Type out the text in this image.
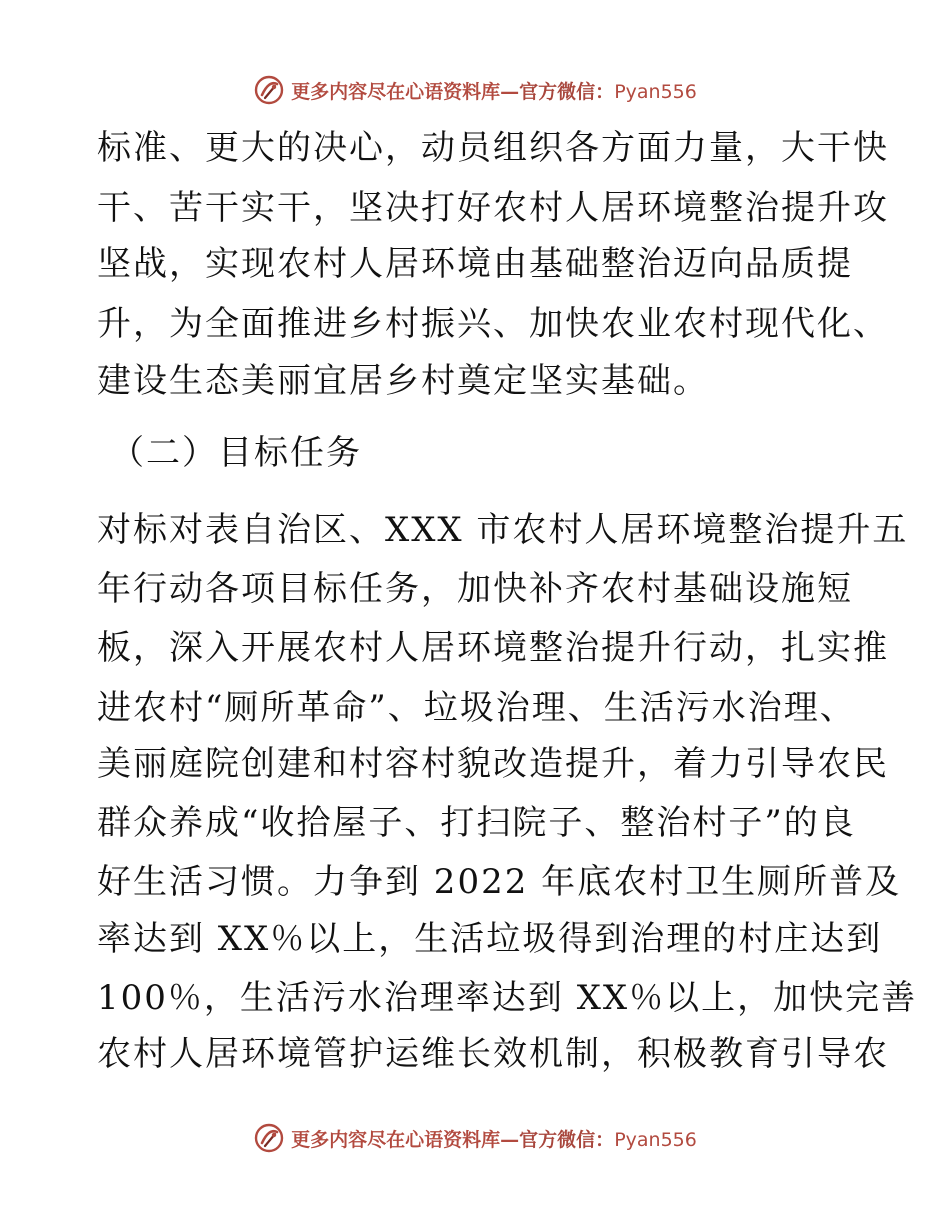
更多内容尽在心语资料库—官方微信：Pyan556
标准、更大的决心，动员组织各方面力量，大干快
干、苦干实干，坚决打好农村人居环境整治提升攻
坚战，实现农村人居环境由基础整治迈向品质提
升，为全面推进乡村振兴、加快农业农村现代化、
建设生态美丽宜居乡村奠定坚实基础。
（二）目标任务
对标对表自治区、XXX 市农村人居环境整治提升五
年行动各项目标任务，加快补齐农村基础设施短
板，深入开展农村人居环境整治提升行动，扎实推
进农村“厕所革命”、垃圾治理、生活污水治理、
美丽庭院创建和村容村貌改造提升，着力引导农民
群众养成“收拾屋子、打扫院子、整治村子”的良
好生活习惯。力争到 2022 年底农村卫生厕所普及
率达到 XX％以上，生活垃圾得到治理的村庄达到
100％，生活污水治理率达到 XX％以上，加快完善
农村人居环境管护运维长效机制，积极教育引导农
更多内容尽在心语资料库—官方微信：Pyan556
